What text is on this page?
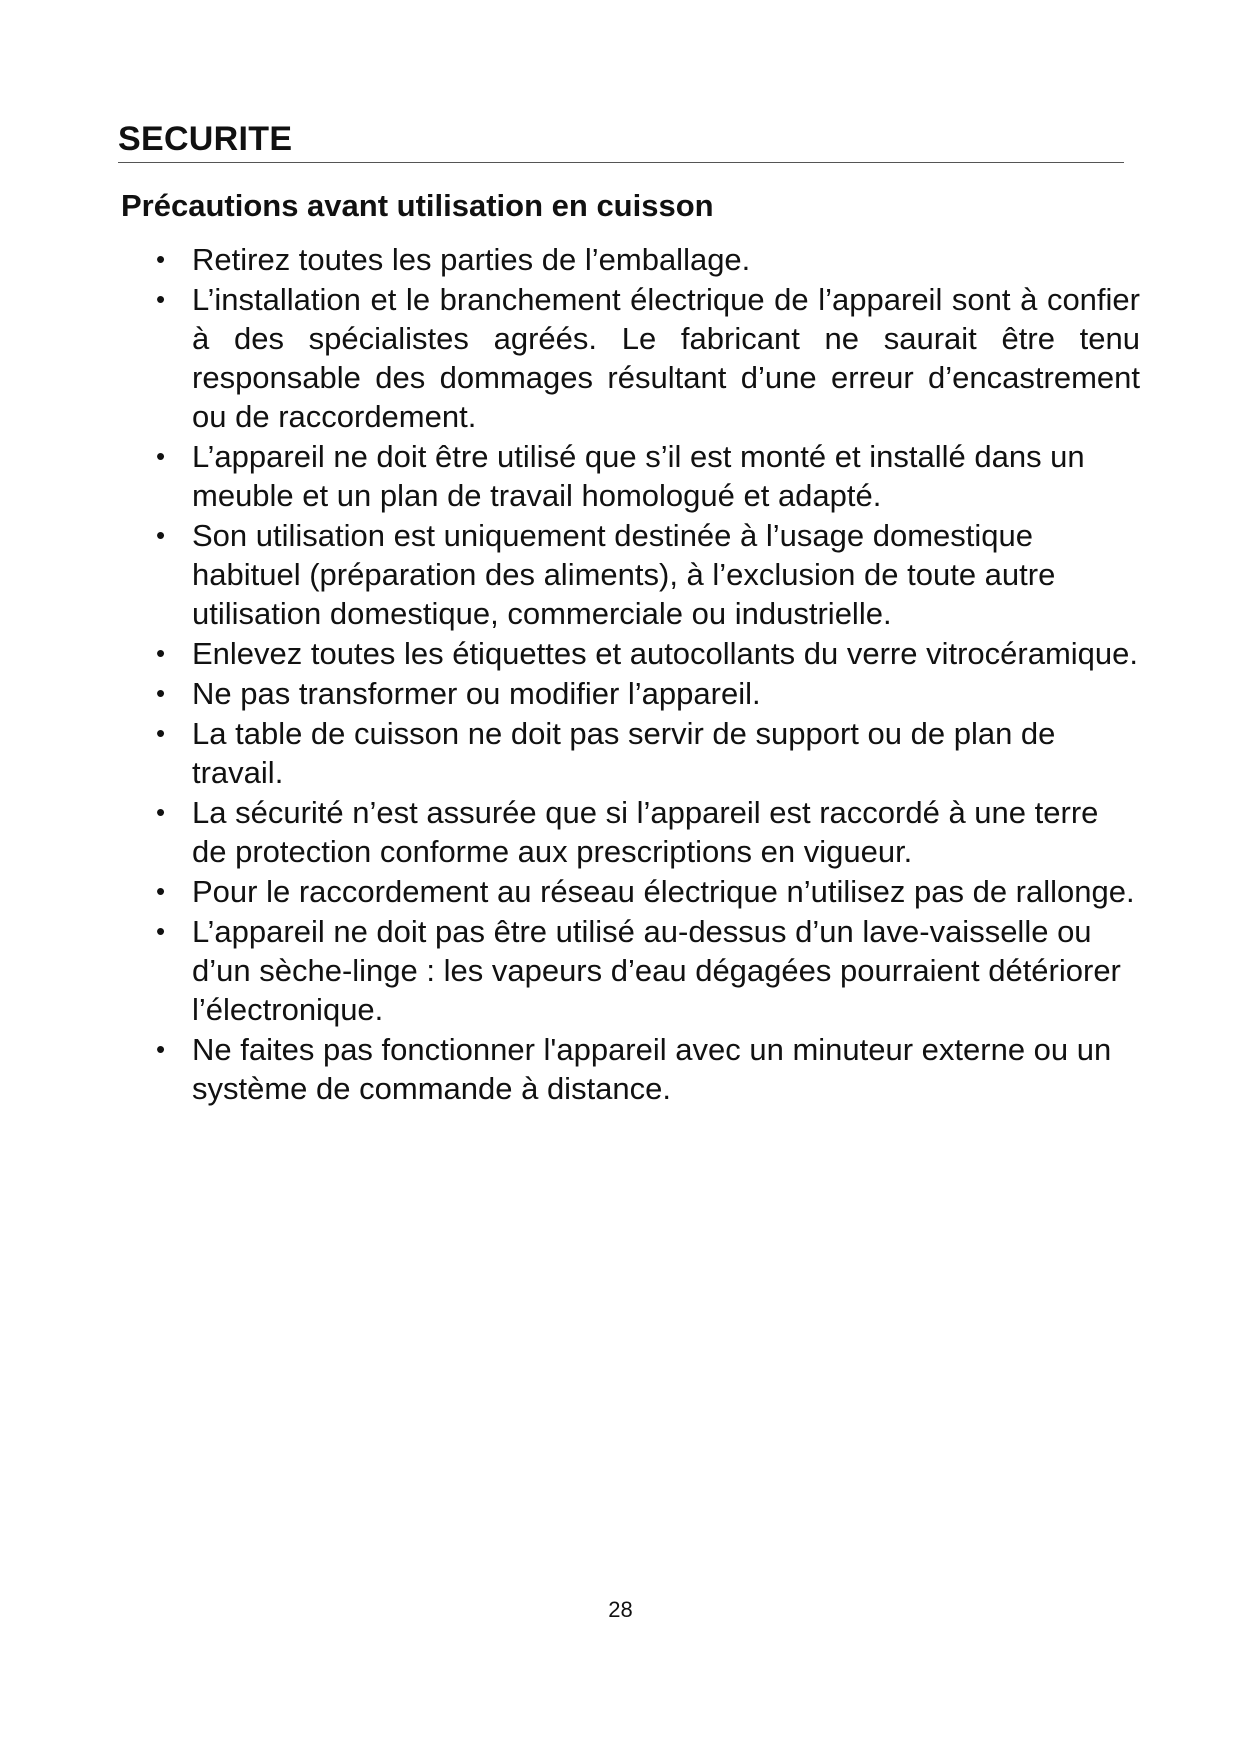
SECURITE
Précautions avant utilisation en cuisson
• Retirez toutes les parties de l’emballage.
• L’installation et le branchement électrique de l’appareil sont à confier à des spécialistes agréés. Le fabricant ne saurait être tenu responsable des dommages résultant d’une erreur d’encastrement ou de raccordement.
• L’appareil ne doit être utilisé que s’il est monté et installé dans un meuble et un plan de travail homologué et adapté.
• Son utilisation est uniquement destinée à l’usage domestique habituel (préparation des aliments), à l’exclusion de toute autre utilisation domestique, commerciale ou industrielle.
• Enlevez toutes les étiquettes et autocollants du verre vitrocéramique.
• Ne pas transformer ou modifier l’appareil.
• La table de cuisson ne doit pas servir de support ou de plan de travail.
• La sécurité n’est assurée que si l’appareil est raccordé à une terre de protection conforme aux prescriptions en vigueur.
• Pour le raccordement au réseau électrique n’utilisez pas de rallonge.
• L’appareil ne doit pas être utilisé au-dessus d’un lave-vaisselle ou d’un sèche-linge : les vapeurs d’eau dégagées pourraient détériorer l’électronique.
• Ne faites pas fonctionner l'appareil avec un minuteur externe ou un système de commande à distance.
28
